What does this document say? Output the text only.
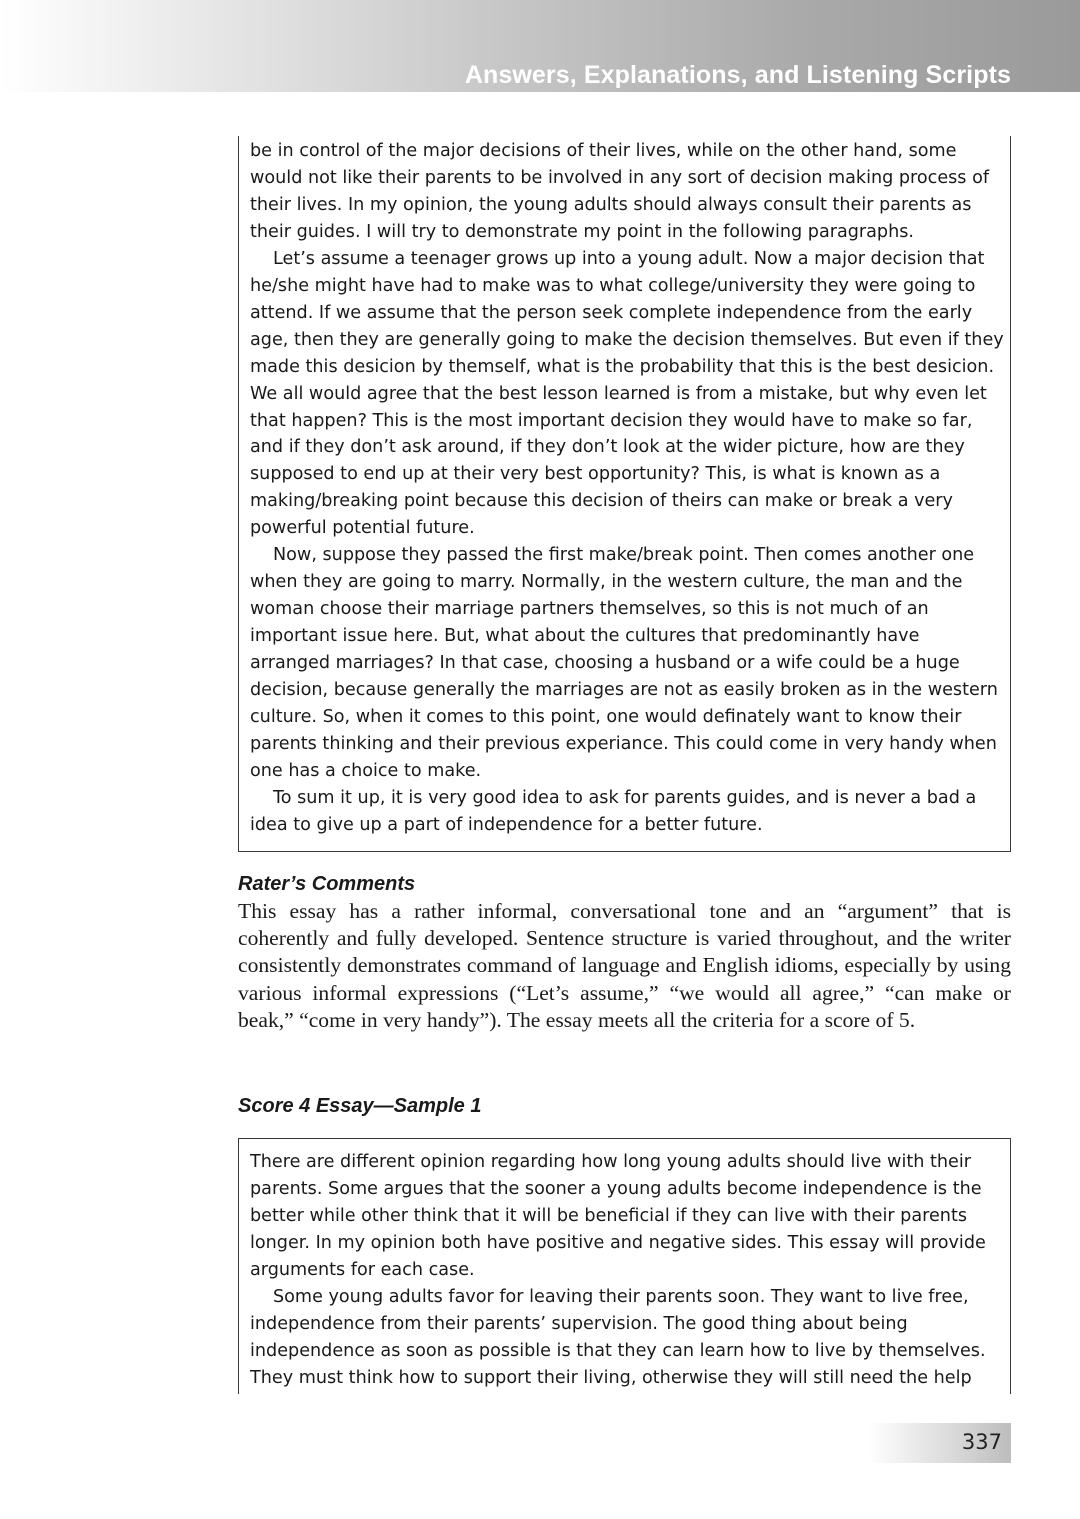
Answers, Explanations, and Listening Scripts

be in control of the major decisions of their lives, while on the other hand, some would not like their parents to be involved in any sort of decision making process of their lives. In my opinion, the young adults should always consult their parents as their guides. I will try to demonstrate my point in the following paragraphs.

Let’s assume a teenager grows up into a young adult. Now a major decision that he/she might have had to make was to what college/university they were going to attend. If we assume that the person seek complete independence from the early age, then they are generally going to make the decision themselves. But even if they made this desicion by themself, what is the probability that this is the best desicion. We all would agree that the best lesson learned is from a mistake, but why even let that happen? This is the most important decision they would have to make so far, and if they don’t ask around, if they don’t look at the wider picture, how are they supposed to end up at their very best opportunity? This, is what is known as a making/breaking point because this decision of theirs can make or break a very powerful potential future.

Now, suppose they passed the first make/break point. Then comes another one when they are going to marry. Normally, in the western culture, the man and the woman choose their marriage partners themselves, so this is not much of an important issue here. But, what about the cultures that predominantly have arranged marriages? In that case, choosing a husband or a wife could be a huge decision, because generally the marriages are not as easily broken as in the western culture. So, when it comes to this point, one would definately want to know their parents thinking and their previous experiance. This could come in very handy when one has a choice to make.

To sum it up, it is very good idea to ask for parents guides, and is never a bad a idea to give up a part of independence for a better future.

Rater’s Comments

This essay has a rather informal, conversational tone and an “argument” that is coherently and fully developed. Sentence structure is varied throughout, and the writer consistently demonstrates command of language and English idioms, especially by using various informal expressions (“Let’s assume,” “we would all agree,” “can make or beak,” “come in very handy”). The essay meets all the criteria for a score of 5.

Score 4 Essay—Sample 1

There are different opinion regarding how long young adults should live with their parents. Some argues that the sooner a young adults become independence is the better while other think that it will be beneficial if they can live with their parents longer. In my opinion both have positive and negative sides. This essay will provide arguments for each case.

Some young adults favor for leaving their parents soon. They want to live free, independence from their parents’ supervision. The good thing about being independence as soon as possible is that they can learn how to live by themselves. They must think how to support their living, otherwise they will still need the help

337
